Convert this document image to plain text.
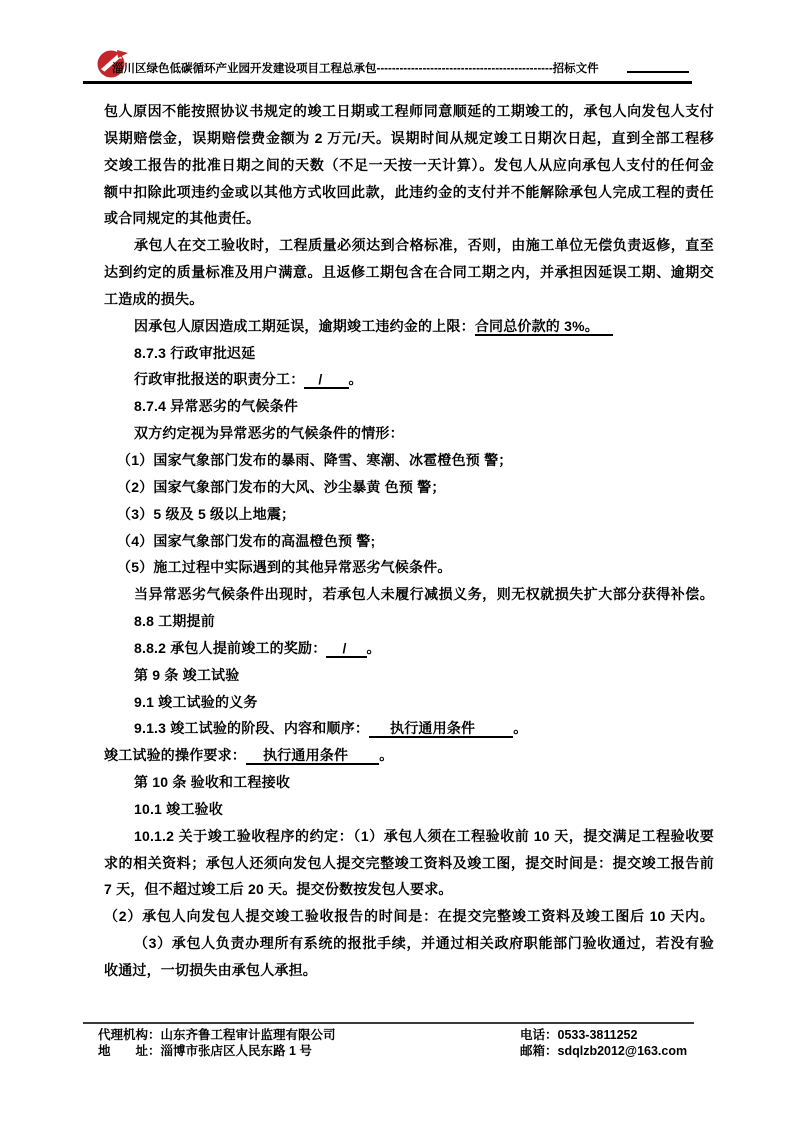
淄川区绿色低碳循环产业园开发建设项目工程总承包----------------------------------------------招标文件
包人原因不能按照协议书规定的竣工日期或工程师同意顺延的工期竣工的，承包人向发包人支付
误期赔偿金，误期赔偿费金额为 2 万元/天。误期时间从规定竣工日期次日起，直到全部工程移
交竣工报告的批准日期之间的天数（不足一天按一天计算）。发包人从应向承包人支付的任何金
额中扣除此项违约金或以其他方式收回此款，此违约金的支付并不能解除承包人完成工程的责任
或合同规定的其他责任。
承包人在交工验收时，工程质量必须达到合格标准，否则，由施工单位无偿负责返修，直至
达到约定的质量标准及用户满意。且返修工期包含在合同工期之内，并承担因延误工期、逾期交
工造成的损失。
因承包人原因造成工期延误，逾期竣工违约金的上限：合同总价款的 3%。
8.7.3 行政审批迟延
行政审批报送的职责分工： / 。
8.7.4 异常恶劣的气候条件
双方约定视为异常恶劣的气候条件的情形：
（1）国家气象部门发布的暴雨、降雪、寒潮、冰雹橙色预 警；
（2）国家气象部门发布的大风、沙尘暴黄 色预 警；
（3）5 级及 5 级以上地震；
（4）国家气象部门发布的高温橙色预 警;
（5）施工过程中实际遇到的其他异常恶劣气候条件。
当异常恶劣气候条件出现时，若承包人未履行减损义务，则无权就损失扩大部分获得补偿。
8.8 工期提前
8.8.2 承包人提前竣工的奖励： / 。
第 9 条 竣工试验
9.1 竣工试验的义务
9.1.3 竣工试验的阶段、内容和顺序： 执行通用条件	。
竣工试验的操作要求： 执行通用条件 。
第 10 条 验收和工程接收
10.1 竣工验收
10.1.2 关于竣工验收程序的约定：（1）承包人须在工程验收前 10 天，提交满足工程验收要
求的相关资料；承包人还须向发包人提交完整竣工资料及竣工图，提交时间是：提交竣工报告前
7 天，但不超过竣工后 20 天。提交份数按发包人要求。
（2）承包人向发包人提交竣工验收报告的时间是：在提交完整竣工资料及竣工图后 10 天内。
（3）承包人负责办理所有系统的报批手续，并通过相关政府职能部门验收通过，若没有验
收通过，一切损失由承包人承担。
代理机构：山东齐鲁工程审计监理有限公司
地　　址：淄博市张店区人民东路 1 号
电话：0533-3811252
邮箱：sdqlzb2012@163.com
